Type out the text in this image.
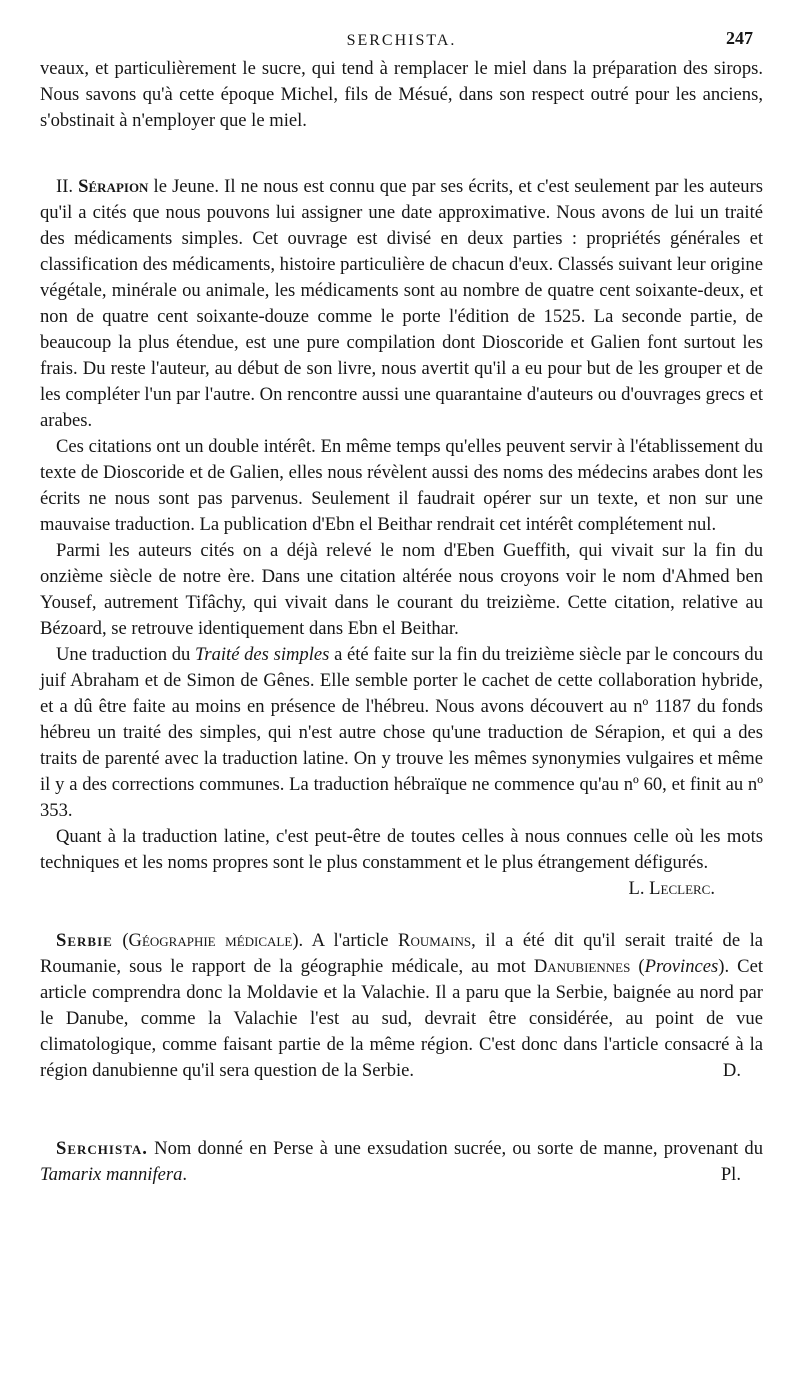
SERCHISTA.	247

veaux, et particulièrement le sucre, qui tend à remplacer le miel dans la préparation des sirops. Nous savons qu'à cette époque Michel, fils de Mésué, dans son respect outré pour les anciens, s'obstinait à n'employer que le miel.

II. Sérapion le Jeune. Il ne nous est connu que par ses écrits, et c'est seulement par les auteurs qu'il a cités que nous pouvons lui assigner une date approximative. Nous avons de lui un traité des médicaments simples. Cet ouvrage est divisé en deux parties : propriétés générales et classification des médicaments, histoire particulière de chacun d'eux. Classés suivant leur origine végétale, minérale ou animale, les médicaments sont au nombre de quatre cent soixante-deux, et non de quatre cent soixante-douze comme le porte l'édition de 1525. La seconde partie, de beaucoup la plus étendue, est une pure compilation dont Dioscoride et Galien font surtout les frais. Du reste l'auteur, au début de son livre, nous avertit qu'il a eu pour but de les grouper et de les compléter l'un par l'autre. On rencontre aussi une quarantaine d'auteurs ou d'ouvrages grecs et arabes.

Ces citations ont un double intérêt. En même temps qu'elles peuvent servir à l'établissement du texte de Dioscoride et de Galien, elles nous révèlent aussi des noms des médecins arabes dont les écrits ne nous sont pas parvenus. Seulement il faudrait opérer sur un texte, et non sur une mauvaise traduction. La publication d'Ebn el Beithar rendrait cet intérêt complétement nul.

Parmi les auteurs cités on a déjà relevé le nom d'Eben Gueffith, qui vivait sur la fin du onzième siècle de notre ère. Dans une citation altérée nous croyons voir le nom d'Ahmed ben Yousef, autrement Tifâchy, qui vivait dans le courant du treizième. Cette citation, relative au Bézoard, se retrouve identiquement dans Ebn el Beithar.

Une traduction du Traité des simples a été faite sur la fin du treizième siècle par le concours du juif Abraham et de Simon de Gênes. Elle semble porter le cachet de cette collaboration hybride, et a dû être faite au moins en présence de l'hébreu. Nous avons découvert au nº 1187 du fonds hébreu un traité des simples, qui n'est autre chose qu'une traduction de Sérapion, et qui a des traits de parenté avec la traduction latine. On y trouve les mêmes synonymies vulgaires et même il y a des corrections communes. La traduction hébraïque ne commence qu'au nº 60, et finit au nº 353.

Quant à la traduction latine, c'est peut-être de toutes celles à nous connues celle où les mots techniques et les noms propres sont le plus constamment et le plus étrangement défigurés.
L. Leclerc.

Serbie (Géographie médicale). A l'article Roumains, il a été dit qu'il serait traité de la Roumanie, sous le rapport de la géographie médicale, au mot Danubiennes (Provinces). Cet article comprendra donc la Moldavie et la Valachie. Il a paru que la Serbie, baignée au nord par le Danube, comme la Valachie l'est au sud, devrait être considérée, au point de vue climatologique, comme faisant partie de la même région. C'est donc dans l'article consacré à la région danubienne qu'il sera question de la Serbie.	D.

Serchista. Nom donné en Perse à une exsudation sucrée, ou sorte de manne, provenant du Tamarix mannifera.	Pl.
